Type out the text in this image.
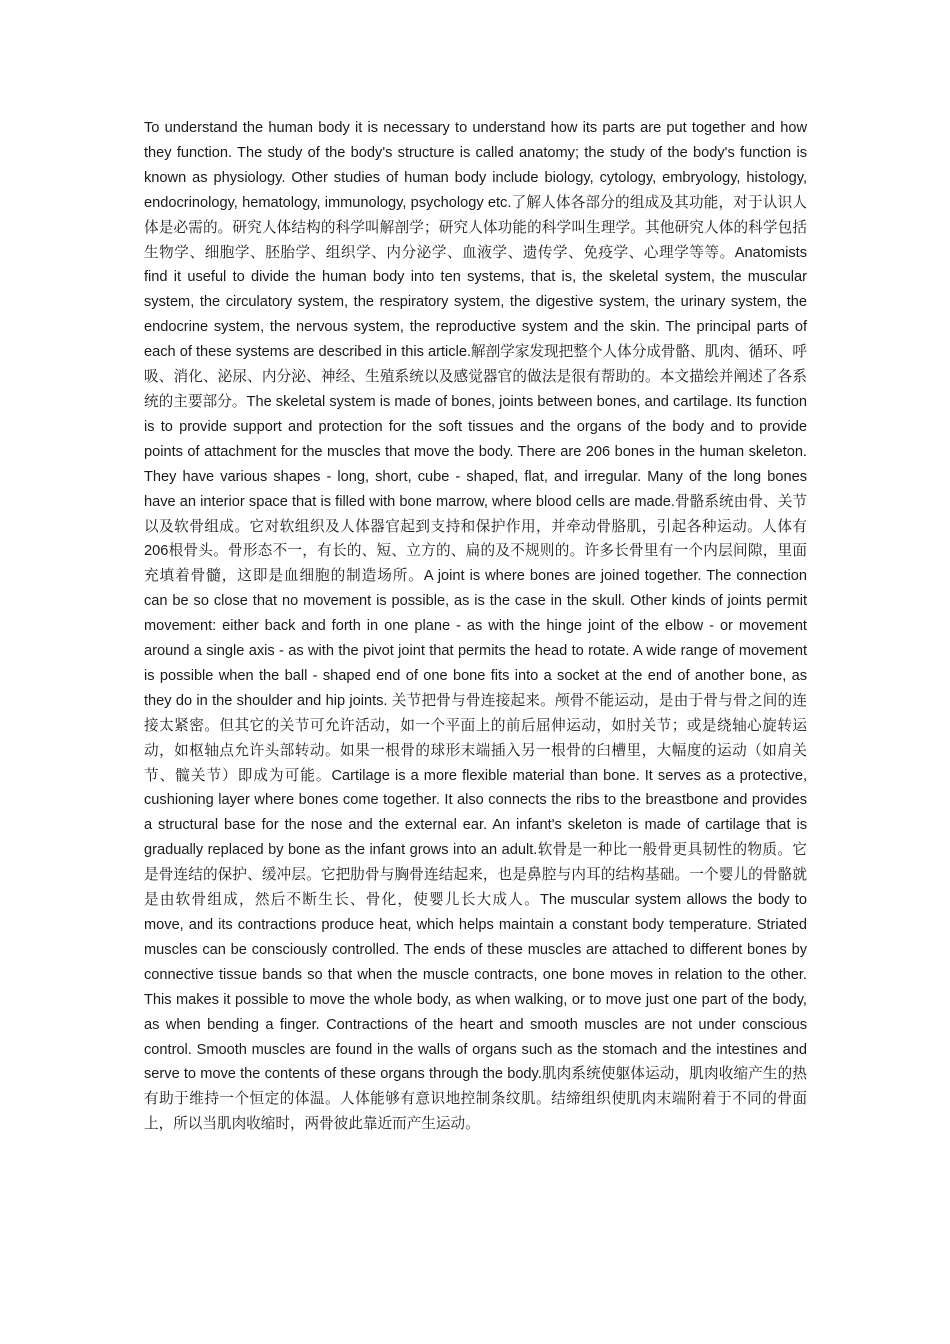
To understand the human body it is necessary to understand how its parts are put together and how they function. The study of the body's structure is called anatomy; the study of the body's function is known as physiology. Other studies of human body include biology, cytology, embryology, histology, endocrinology, hematology, immunology, psychology etc.了解人体各部分的组成及其功能，对于认识人体是必需的。研究人体结构的科学叫解剖学；研究人体功能的科学叫生理学。其他研究人体的科学包括生物学、细胞学、胚胎学、组织学、内分泌学、血液学、遗传学、免疫学、心理学等等。Anatomists find it useful to divide the human body into ten systems, that is, the skeletal system, the muscular system, the circulatory system, the respiratory system, the digestive system, the urinary system, the endocrine system, the nervous system, the reproductive system and the skin. The principal parts of each of these systems are described in this article.解剖学家发现把整个人体分成骨骼、肌肉、循环、呼吸、消化、泌尿、内分泌、神经、生殖系统以及感觉器官的做法是很有帮助的。本文描绘并阐述了各系统的主要部分。The skeletal system is made of bones, joints between bones, and cartilage. Its function is to provide support and protection for the soft tissues and the organs of the body and to provide points of attachment for the muscles that move the body. There are 206 bones in the human skeleton. They have various shapes - long, short, cube - shaped, flat, and irregular. Many of the long bones have an interior space that is filled with bone marrow, where blood cells are made.骨骼系统由骨、关节以及软骨组成。它对软组织及人体器官起到支持和保护作用，并牵动骨胳肌，引起各种运动。人体有206根骨头。骨形态不一，有长的、短、立方的、扁的及不规则的。许多长骨里有一个内层间隙，里面充填着骨髓，这即是血细胞的制造场所。A joint is where bones are joined together. The connection can be so close that no movement is possible, as is the case in the skull. Other kinds of joints permit movement: either back and forth in one plane - as with the hinge joint of the elbow - or movement around a single axis - as with the pivot joint that permits the head to rotate. A wide range of movement is possible when the ball - shaped end of one bone fits into a socket at the end of another bone, as they do in the shoulder and hip joints. 关节把骨与骨连接起来。颅骨不能运动，是由于骨与骨之间的连接太紧密。但其它的关节可允许活动，如一个平面上的前后屈伸运动，如肘关节；或是绕轴心旋转运动，如枢轴点允许头部转动。如果一根骨的球形末端插入另一根骨的臼槽里，大幅度的运动（如肩关节、髋关节）即成为可能。Cartilage is a more flexible material than bone. It serves as a protective, cushioning layer where bones come together. It also connects the ribs to the breastbone and provides a structural base for the nose and the external ear. An infant's skeleton is made of cartilage that is gradually replaced by bone as the infant grows into an adult.软骨是一种比一般骨更具韧性的物质。它是骨连结的保护、缓冲层。它把肋骨与胸骨连结起来，也是鼻腔与内耳的结构基础。一个婴儿的骨骼就是由软骨组成，然后不断生长、骨化，使婴儿长大成人。The muscular system allows the body to move, and its contractions produce heat, which helps maintain a constant body temperature. Striated muscles can be consciously controlled. The ends of these muscles are attached to different bones by connective tissue bands so that when the muscle contracts, one bone moves in relation to the other. This makes it possible to move the whole body, as when walking, or to move just one part of the body, as when bending a finger. Contractions of the heart and smooth muscles are not under conscious control. Smooth muscles are found in the walls of organs such as the stomach and the intestines and serve to move the contents of these organs through the body.肌肉系统使躯体运动，肌肉收缩产生的热有助于维持一个恒定的体温。人体能够有意识地控制条纹肌。结缔组织使肌肉末端附着于不同的骨面上，所以当肌肉收缩时，两骨彼此靠近而产生运动。
